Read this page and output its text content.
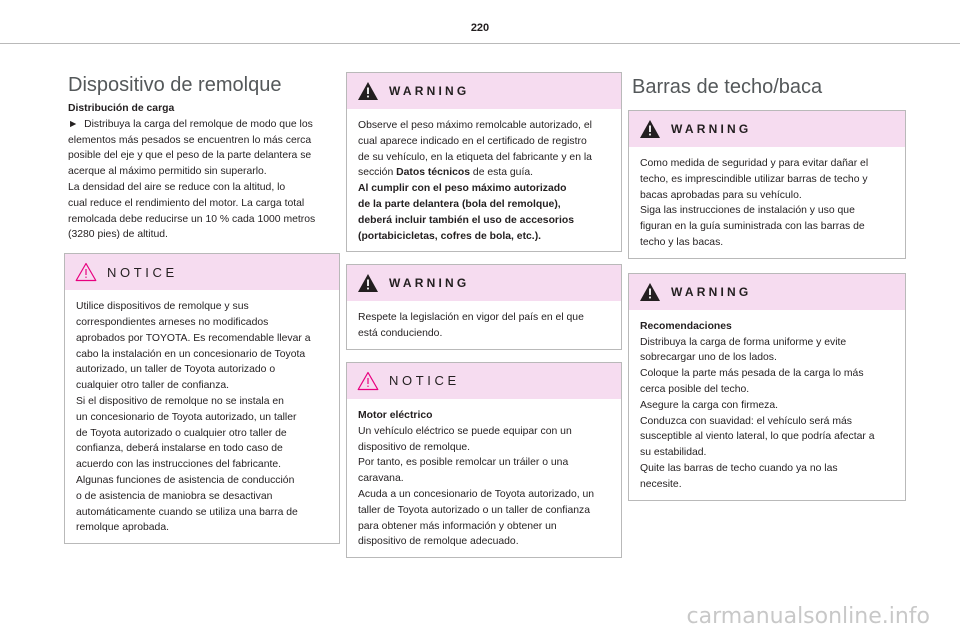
220
Dispositivo de remolque

Distribución de carga

► Distribuya la carga del remolque de modo que los

elementos más pesados se encuentren lo más cerca

posible del eje y que el peso de la parte delantera se

acerque al máximo permitido sin superarlo.

La densidad del aire se reduce con la altitud, lo

cual reduce el rendimiento del motor. La carga total

remolcada debe reducirse un 10 % cada 1000 metros

(3280 pies) de altitud.

NOTICE

Utilice dispositivos de remolque y sus

correspondientes arneses no modificados

aprobados por TOYOTA. Es recomendable llevar a

cabo la instalación en un concesionario de Toyota

autorizado, un taller de Toyota autorizado o

cualquier otro taller de confianza.

Si el dispositivo de remolque no se instala en

un concesionario de Toyota autorizado, un taller

de Toyota autorizado o cualquier otro taller de

confianza, deberá instalarse en todo caso de

acuerdo con las instrucciones del fabricante.

Algunas funciones de asistencia de conducción

o de asistencia de maniobra se desactivan

automáticamente cuando se utiliza una barra de

remolque aprobada.

WARNING

Observe el peso máximo remolcable autorizado, el

cual aparece indicado en el certificado de registro

de su vehículo, en la etiqueta del fabricante y en la

sección Datos técnicos de esta guía.

Al cumplir con el peso máximo autorizado

de la parte delantera (bola del remolque),

deberá incluir también el uso de accesorios

(portabicicletas, cofres de bola, etc.).

WARNING

Respete la legislación en vigor del país en el que

está conduciendo.

NOTICE

Motor eléctrico

Un vehículo eléctrico se puede equipar con un

dispositivo de remolque.

Por tanto, es posible remolcar un tráiler o una

caravana.

Acuda a un concesionario de Toyota autorizado, un

taller de Toyota autorizado o un taller de confianza

para obtener más información y obtener un

dispositivo de remolque adecuado.

Barras de techo/baca
WARNING

Como medida de seguridad y para evitar dañar el

techo, es imprescindible utilizar barras de techo y

bacas aprobadas para su vehículo.

Siga las instrucciones de instalación y uso que

figuran en la guía suministrada con las barras de

techo y las bacas.

WARNING

Recomendaciones

Distribuya la carga de forma uniforme y evite

sobrecargar uno de los lados.

Coloque la parte más pesada de la carga lo más

cerca posible del techo.

Asegure la carga con firmeza.

Conduzca con suavidad: el vehículo será más

susceptible al viento lateral, lo que podría afectar a

su estabilidad.

Quite las barras de techo cuando ya no las

necesite.

carmanualsonline.info
